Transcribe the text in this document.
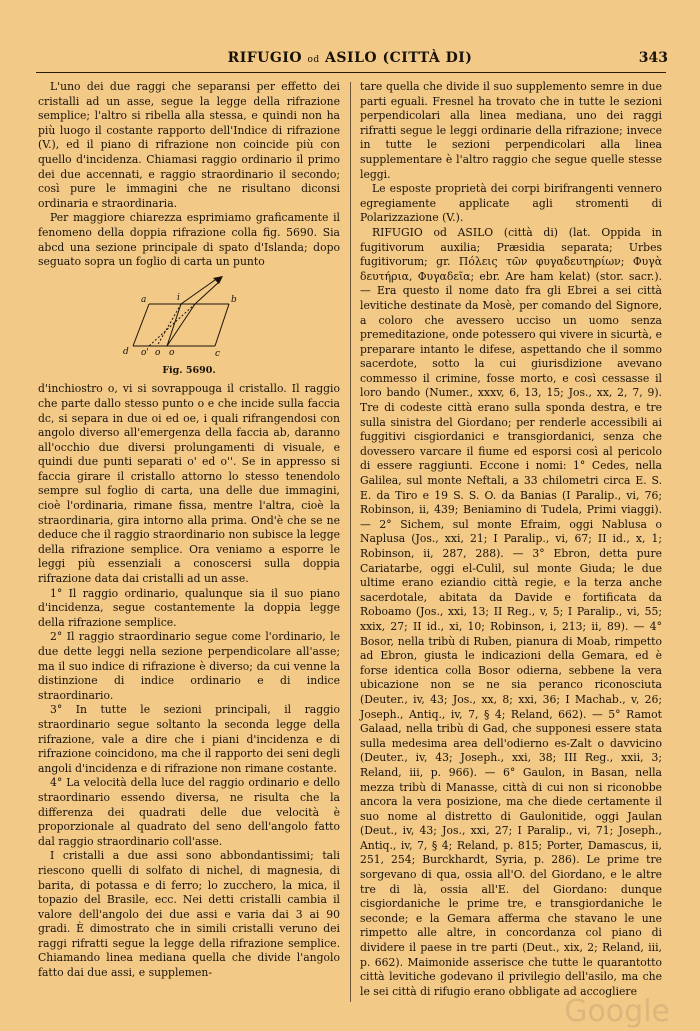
RIFUGIO od ASILO (CITTÀ DI)	343

L'uno dei due raggi che separansi per effetto dei cristalli ad un asse, segue la legge della rifrazione semplice; l'altro si ribella alla stessa, e quindi non ha più luogo il costante rapporto dell'Indice di rifrazione (V.), ed il piano di rifrazione non coincide più con quello d'incidenza. Chiamasi raggio ordinario il primo dei due accennati, e raggio straordinario il secondo; così pure le immagini che ne risultano diconsi ordinaria e straordinaria.

Per maggiore chiarezza esprimiamo graficamente il fenomeno della doppia rifrazione colla fig. 5690. Sia abcd una sezione principale di spato d'Islanda; dopo seguato sopra un foglio di carta un punto

a	i	b
d o' o o	c
Fig. 5690.

d'inchiostro o, vi si sovrappouga il cristallo. Il raggio che parte dallo stesso punto o e che incide sulla faccia dc, si separa in due oi ed oe, i quali rifrangendosi con angolo diverso all'emergenza della faccia ab, daranno all'occhio due diversi prolungamenti di visuale, e quindi due punti separati o' ed o''. Se in appresso si faccia girare il cristallo attorno lo stesso tenendolo sempre sul foglio di carta, una delle due immagini, cioè l'ordinaria, rimane fissa, mentre l'altra, cioè la straordinaria, gira intorno alla prima. Ond'è che se ne deduce che il raggio straordinario non subisce la legge della rifrazione semplice. Ora veniamo a esporre le leggi più essenziali a conoscersi sulla doppia rifrazione data dai cristalli ad un asse.

1° Il raggio ordinario, qualunque sia il suo piano d'incidenza, segue costantemente la doppia legge della rifrazione semplice.

2° Il raggio straordinario segue come l'ordinario, le due dette leggi nella sezione perpendicolare all'asse; ma il suo indice di rifrazione è diverso; da cui venne la distinzione di indice ordinario e di indice straordinario.

3° In tutte le sezioni principali, il raggio straordinario segue soltanto la seconda legge della rifrazione, vale a dire che i piani d'incidenza e di rifrazione coincidono, ma che il rapporto dei seni degli angoli d'incidenza e di rifrazione non rimane costante.

4° La velocità della luce del raggio ordinario e dello straordinario essendo diversa, ne risulta che la differenza dei quadrati delle due velocità è proporzionale al quadrato del seno dell'angolo fatto dal raggio straordinario coll'asse.

I cristalli a due assi sono abbondantissimi; tali riescono quelli di solfato di nichel, di magnesia, di barita, di potassa e di ferro; lo zucchero, la mica, il topazio del Brasile, ecc. Nei detti cristalli cambia il valore dell'angolo dei due assi e varia dai 3 ai 90 gradi. È dimostrato che in simili cristalli veruno dei raggi rifratti segue la legge della rifrazione semplice. Chiamando linea mediana quella che divide l'angolo fatto dai due assi, e supplemen-

tare quella che divide il suo supplemento semre in due parti eguali. Fresnel ha trovato che in tutte le sezioni perpendicolari alla linea mediana, uno dei raggi rifratti segue le leggi ordinarie della rifrazione; invece in tutte le sezioni perpendicolari alla linea supplementare è l'altro raggio che segue quelle stesse leggi.

Le esposte proprietà dei corpi birifrangenti vennero egregiamente applicate agli stromenti di Polarizzazione (V.).

RIFUGIO od ASILO (città di) (lat. Oppida in fugitivorum auxilia; Præsidia separata; Urbes fugitivorum; gr. Πόλεις τῶν φυγαδευτηρίων; Φυγὰ δευτήρια, Φυγαδεῖα; ebr. Are ham kelat) (stor. sacr.). — Era questo il nome dato fra gli Ebrei a sei città levitiche destinate da Mosè, per comando del Signore, a coloro che avessero ucciso un uomo senza premeditazione, onde potessero qui vivere in sicurtà, e preparare intanto le difese, aspettando che il sommo sacerdote, sotto la cui giurisdizione avevano commesso il crimine, fosse morto, e così cessasse il loro bando (Numer., xxxv, 6, 13, 15; Jos., xx, 2, 7, 9). Tre di codeste città erano sulla sponda destra, e tre sulla sinistra del Giordano; per renderle accessibili ai fuggitivi cisgiordanici e transgiordanici, senza che dovessero varcare il fiume ed esporsi così al pericolo di essere raggiunti. Eccone i nomi: 1° Cedes, nella Galilea, sul monte Neftali, a 33 chilometri circa E. S. E. da Tiro e 19 S. S. O. da Banias (I Paralip., vi, 76; Robinson, ii, 439; Beniamino di Tudela, Primi viaggi). — 2° Sichem, sul monte Efraim, oggi Nablusa o Naplusa (Jos., xxi, 21; I Paralip., vi, 67; II id., x, 1; Robinson, ii, 287, 288). — 3° Ebron, detta pure Cariatarbe, oggi el-Culil, sul monte Giuda; le due ultime erano eziandio città regie, e la terza anche sacerdotale, abitata da Davide e fortificata da Roboamo (Jos., xxi, 13; II Reg., v, 5; I Paralip., vi, 55; xxix, 27; II id., xi, 10; Robinson, i, 213; ii, 89). — 4° Bosor, nella tribù di Ruben, pianura di Moab, rimpetto ad Ebron, giusta le indicazioni della Gemara, ed è forse identica colla Bosor odierna, sebbene la vera ubicazione non se ne sia peranco riconosciuta (Deuter., iv, 43; Jos., xx, 8; xxi, 36; I Machab., v, 26; Joseph., Antiq., iv, 7, § 4; Reland, 662). — 5° Ramot Galaad, nella tribù di Gad, che supponesi essere stata sulla medesima area dell'odierno es-Zalt o davvicino (Deuter., iv, 43; Joseph., xxi, 38; III Reg., xxii, 3; Reland, iii, p. 966). — 6° Gaulon, in Basan, nella mezza tribù di Manasse, città di cui non si riconobbe ancora la vera posizione, ma che diede certamente il suo nome al distretto di Gaulonitide, oggi Jaulan (Deut., iv, 43; Jos., xxi, 27; I Paralip., vi, 71; Joseph., Antiq., iv, 7, § 4; Reland, p. 815; Porter, Damascus, ii, 251, 254; Burckhardt, Syria, p. 286). Le prime tre sorgevano di qua, ossia all'O. del Giordano, e le altre tre di là, ossia all'E. del Giordano: dunque cisgiordaniche le prime tre, e transgiordaniche le seconde; e la Gemara afferma che stavano le une rimpetto alle altre, in concordanza col piano di dividere il paese in tre parti (Deut., xix, 2; Reland, iii, p. 662). Maimonide asserisce che tutte le quarantotto città levitiche godevano il privilegio dell'asilo, ma che le sei città di rifugio erano obbligate ad accogliere

Google
